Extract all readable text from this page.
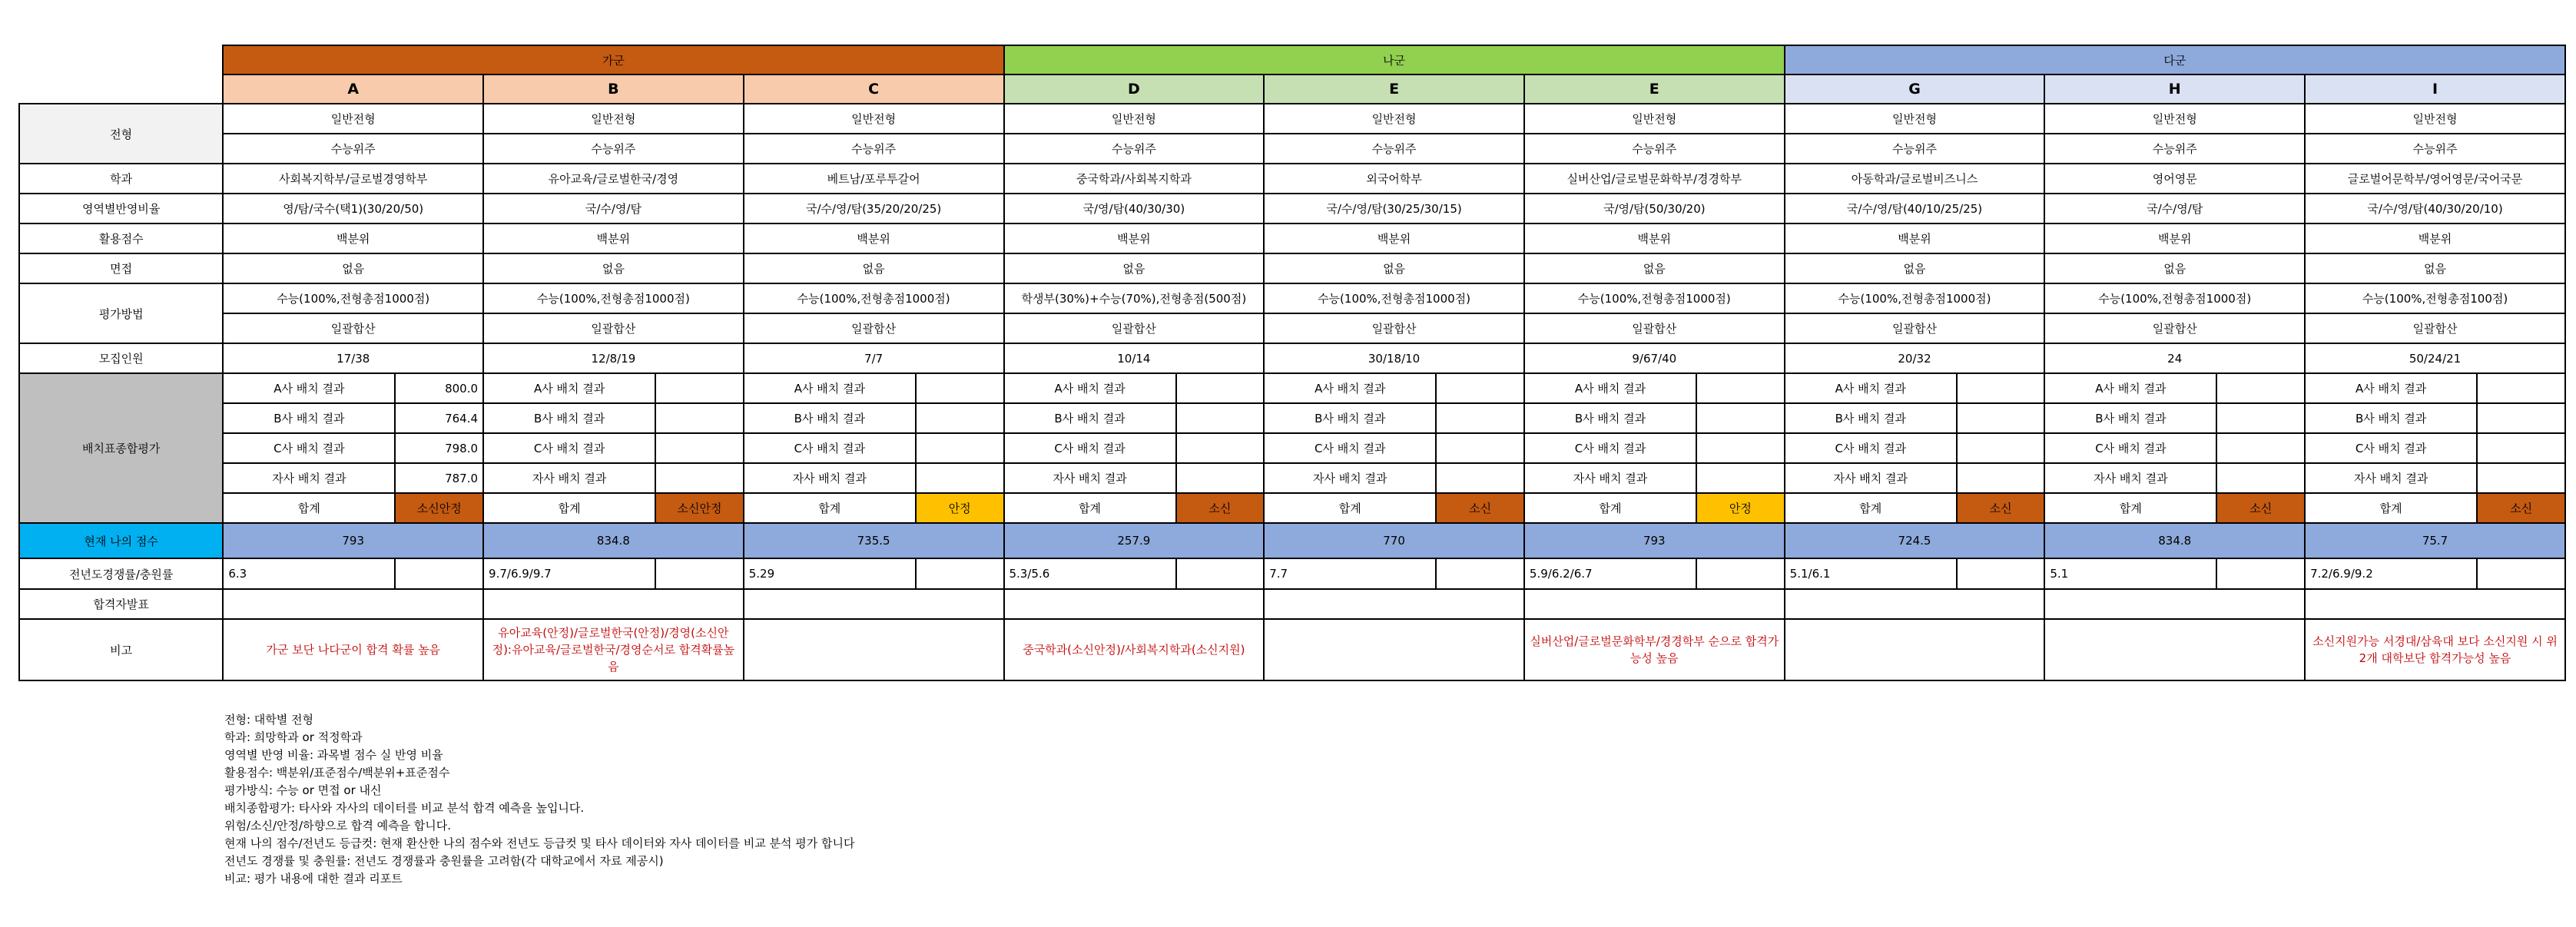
	가군						나군						다군					
	A		B		C		D		E		E		G		H		I	
전형	일반전형		일반전형		일반전형		일반전형		일반전형		일반전형		일반전형		일반전형		일반전형	
	수능위주		수능위주		수능위주		수능위주		수능위주		수능위주		수능위주		수능위주		수능위주	
학과	사회복지학부/글로벌경영학부		유아교육/글로벌한국/경영		베트남/포루투갈어		중국학과/사회복지학과		외국어학부		실버산업/글로벌문화학부/경경학부		아동학과/글로벌비즈니스		영어영문		글로벌어문학부/영어영문/국어국문	
영역별반영비율	영/탐/국수(택1)(30/20/50)		국/수/영/탐		국/수/영/탐(35/20/20/25)		국/영/탐(40/30/30)		국/수/영/탐(30/25/30/15)		국/영/탐(50/30/20)		국/수/영/탐(40/10/25/25)		국/수/영/탐		국/수/영/탐(40/30/20/10)	
활용점수	백분위		백분위		백분위		백분위		백분위		백분위		백분위		백분위		백분위	
면접	없음		없음		없음		없음		없음		없음		없음		없음		없음	
평가방법	수능(100%,전형총점1000점)		수능(100%,전형총점1000점)		수능(100%,전형총점1000점)		학생부(30%)+수능(70%),전형총점(500점)		수능(100%,전형총점1000점)		수능(100%,전형총점1000점)		수능(100%,전형총점1000점)		수능(100%,전형총점1000점)		수능(100%,전형총점100점)	
	일괄합산		일괄합산		일괄합산		일괄합산		일괄합산		일괄합산		일괄합산		일괄합산		일괄합산	
모집인원	17/38		12/8/19		7/7		10/14		30/18/10		9/67/40		20/32		24		50/24/21	
배치표종합평가	A사 배치 결과	800.0	A사 배치 결과		A사 배치 결과		A사 배치 결과		A사 배치 결과		A사 배치 결과		A사 배치 결과		A사 배치 결과		A사 배치 결과	
	B사 배치 결과	764.4	B사 배치 결과		B사 배치 결과		B사 배치 결과		B사 배치 결과		B사 배치 결과		B사 배치 결과		B사 배치 결과		B사 배치 결과	
	C사 배치 결과	798.0	C사 배치 결과		C사 배치 결과		C사 배치 결과		C사 배치 결과		C사 배치 결과		C사 배치 결과		C사 배치 결과		C사 배치 결과	
	자사 배치 결과	787.0	자사 배치 결과		자사 배치 결과		자사 배치 결과		자사 배치 결과		자사 배치 결과		자사 배치 결과		자사 배치 결과		자사 배치 결과	
	합계	소신안정	합계	소신안정	합계	안정	합계	소신	합계	소신	합계	안정	합계	소신	합계	소신	합계	소신
현재 나의 점수	793		834.8		735.5		257.9		770		793		724.5		834.8		75.7	
전년도경쟁률/충원률	6.3		9.7/6.9/9.7		5.29		5.3/5.6		7.7		5.9/6.2/6.7		5.1/6.1		5.1		7.2/6.9/9.2	
합격자발표																		
비고	가군 보단 나다군이 합격 확률 높음		유아교육(안정)/글로벌한국(안정)/경영(소신안정):유아교육/글로벌한국/경영순서로 합격확률높음				중국학과(소신안정)/사회복지학과(소신지원)				실버산업/글로벌문화학부/경경학부 순으로 합격가능성 높음						소신지원가능 서경대/삼육대 보다 소신지원 시 위 2개 대학보단 합격가능성 높음	
전형: 대학별 전형
학과: 희망학과 or 적정학과
영역별 반영 비율: 과목별 점수 실 반영 비율
활용점수: 백분위/표준점수/백분위+표준점수
평가방식: 수능 or 면접 or 내신
배치종합평가: 타사와 자사의 데이터를 비교 분석 합격 예측을 높입니다.
위험/소신/안정/하향으로 합격 예측을 합니다.
현재 나의 점수/전년도 등급컷: 현재 환산한 나의 점수와 전년도 등급컷 및 타사 데이터와 자사 데이터를 비교 분석 평가 합니다
전년도 경쟁률 및 충원률: 전년도 경쟁률과 충원률을 고려함(각 대학교에서 자료 제공시)
비교: 평가 내용에 대한 결과 리포트
